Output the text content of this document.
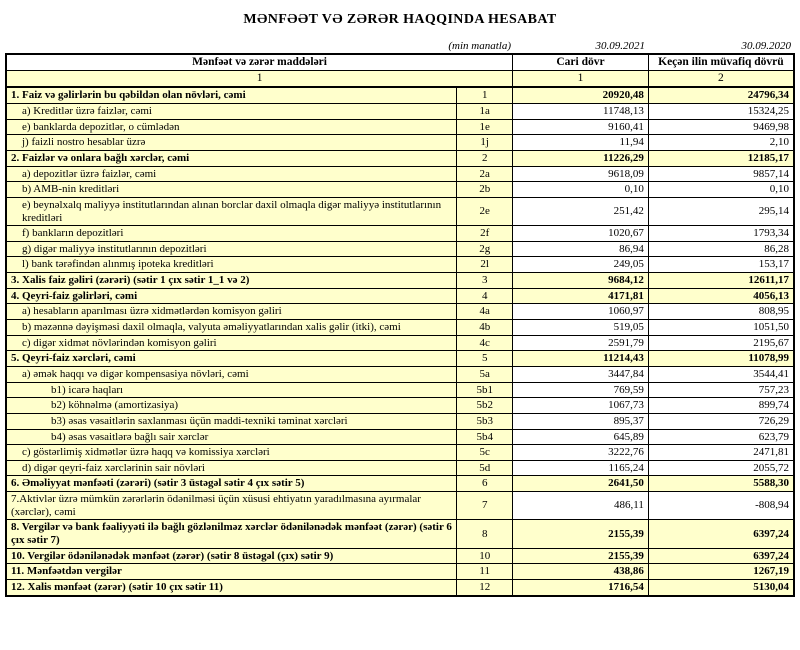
MƏNFƏƏT VƏ ZƏRƏR HAQQINDA HESABAT
(min manatla)	30.09.2021	30.09.2020
Mənfəət və zərər maddələri		Cari dövr	Keçən ilin müvafiq dövrü
1		1	2
1. Faiz və gəlirlərin bu qəbildən olan növləri, cəmi	1	20920,48	24796,34
a) Kreditlər üzrə faizlər, cəmi	1a	11748,13	15324,25
e) banklarda depozitlər, o cümlədən	1e	9160,41	9469,98
j) faizli nostro hesablar üzrə	1j	11,94	2,10
2. Faizlər və onlara bağlı xərclər, cəmi	2	11226,29	12185,17
a) depozitlər üzrə faizlər, cəmi	2a	9618,09	9857,14
b) AMB-nin kreditləri	2b	0,10	0,10
e) beynəlxalq maliyyə institutlarından alınan borclar daxil olmaqla digər maliyyə institutlarının kreditləri	2e	251,42	295,14
f) bankların depozitləri	2f	1020,67	1793,34
g) digər maliyyə institutlarının depozitləri	2g	86,94	86,28
l) bank tərəfindən alınmış ipoteka kreditləri	2l	249,05	153,17
3. Xalis faiz gəliri (zərəri) (sətir 1 çıx sətir 1_1 və 2)	3	9684,12	12611,17
4. Qeyri-faiz gəlirləri, cəmi	4	4171,81	4056,13
a) hesabların aparılması üzrə xidmətlərdən komisyon gəliri	4a	1060,97	808,95
b) məzənnə dəyişməsi daxil olmaqla, valyuta əməliyyatlarından xalis gəlir (itki), cəmi	4b	519,05	1051,50
c) digər xidmət növlərindən komisyon gəliri	4c	2591,79	2195,67
5. Qeyri-faiz xərcləri, cəmi	5	11214,43	11078,99
a) əmək haqqı və digər kompensasiya növləri, cəmi	5a	3447,84	3544,41
b1) icarə haqları	5b1	769,59	757,23
b2) köhnəlmə (amortizasiya)	5b2	1067,73	899,74
b3) əsas vəsaitlərin saxlanması üçün maddi-texniki təminat xərcləri	5b3	895,37	726,29
b4) əsas vəsaitlərə bağlı sair xərclər	5b4	645,89	623,79
c) göstərlimiş xidmətlər üzrə haqq və komissiya xərcləri	5c	3222,76	2471,81
d) digər qeyri-faiz xərclərinin sair növləri	5d	1165,24	2055,72
6. Əməliyyat mənfəəti (zərəri) (sətir 3 üstəgəl sətir 4 çıx sətir 5)	6	2641,50	5588,30
7.Aktivlər üzrə mümkün zərərlərin ödənilməsi üçün xüsusi ehtiyatın yaradılmasına ayırmalar (xərclər), cəmi	7	486,11	-808,94
8. Vergilər və bank fəaliyyəti ilə bağlı gözlənilməz xərclər ödənilənədək mənfəət (zərər) (sətir 6 çıx sətir 7)	8	2155,39	6397,24
10. Vergilər ödənilənədək mənfəət (zərər) (sətir 8 üstəgəl (çıx) sətir 9)	10	2155,39	6397,24
11. Mənfəətdən vergilər	11	438,86	1267,19
12. Xalis mənfəət (zərər) (sətir 10 çıx sətir 11)	12	1716,54	5130,04
